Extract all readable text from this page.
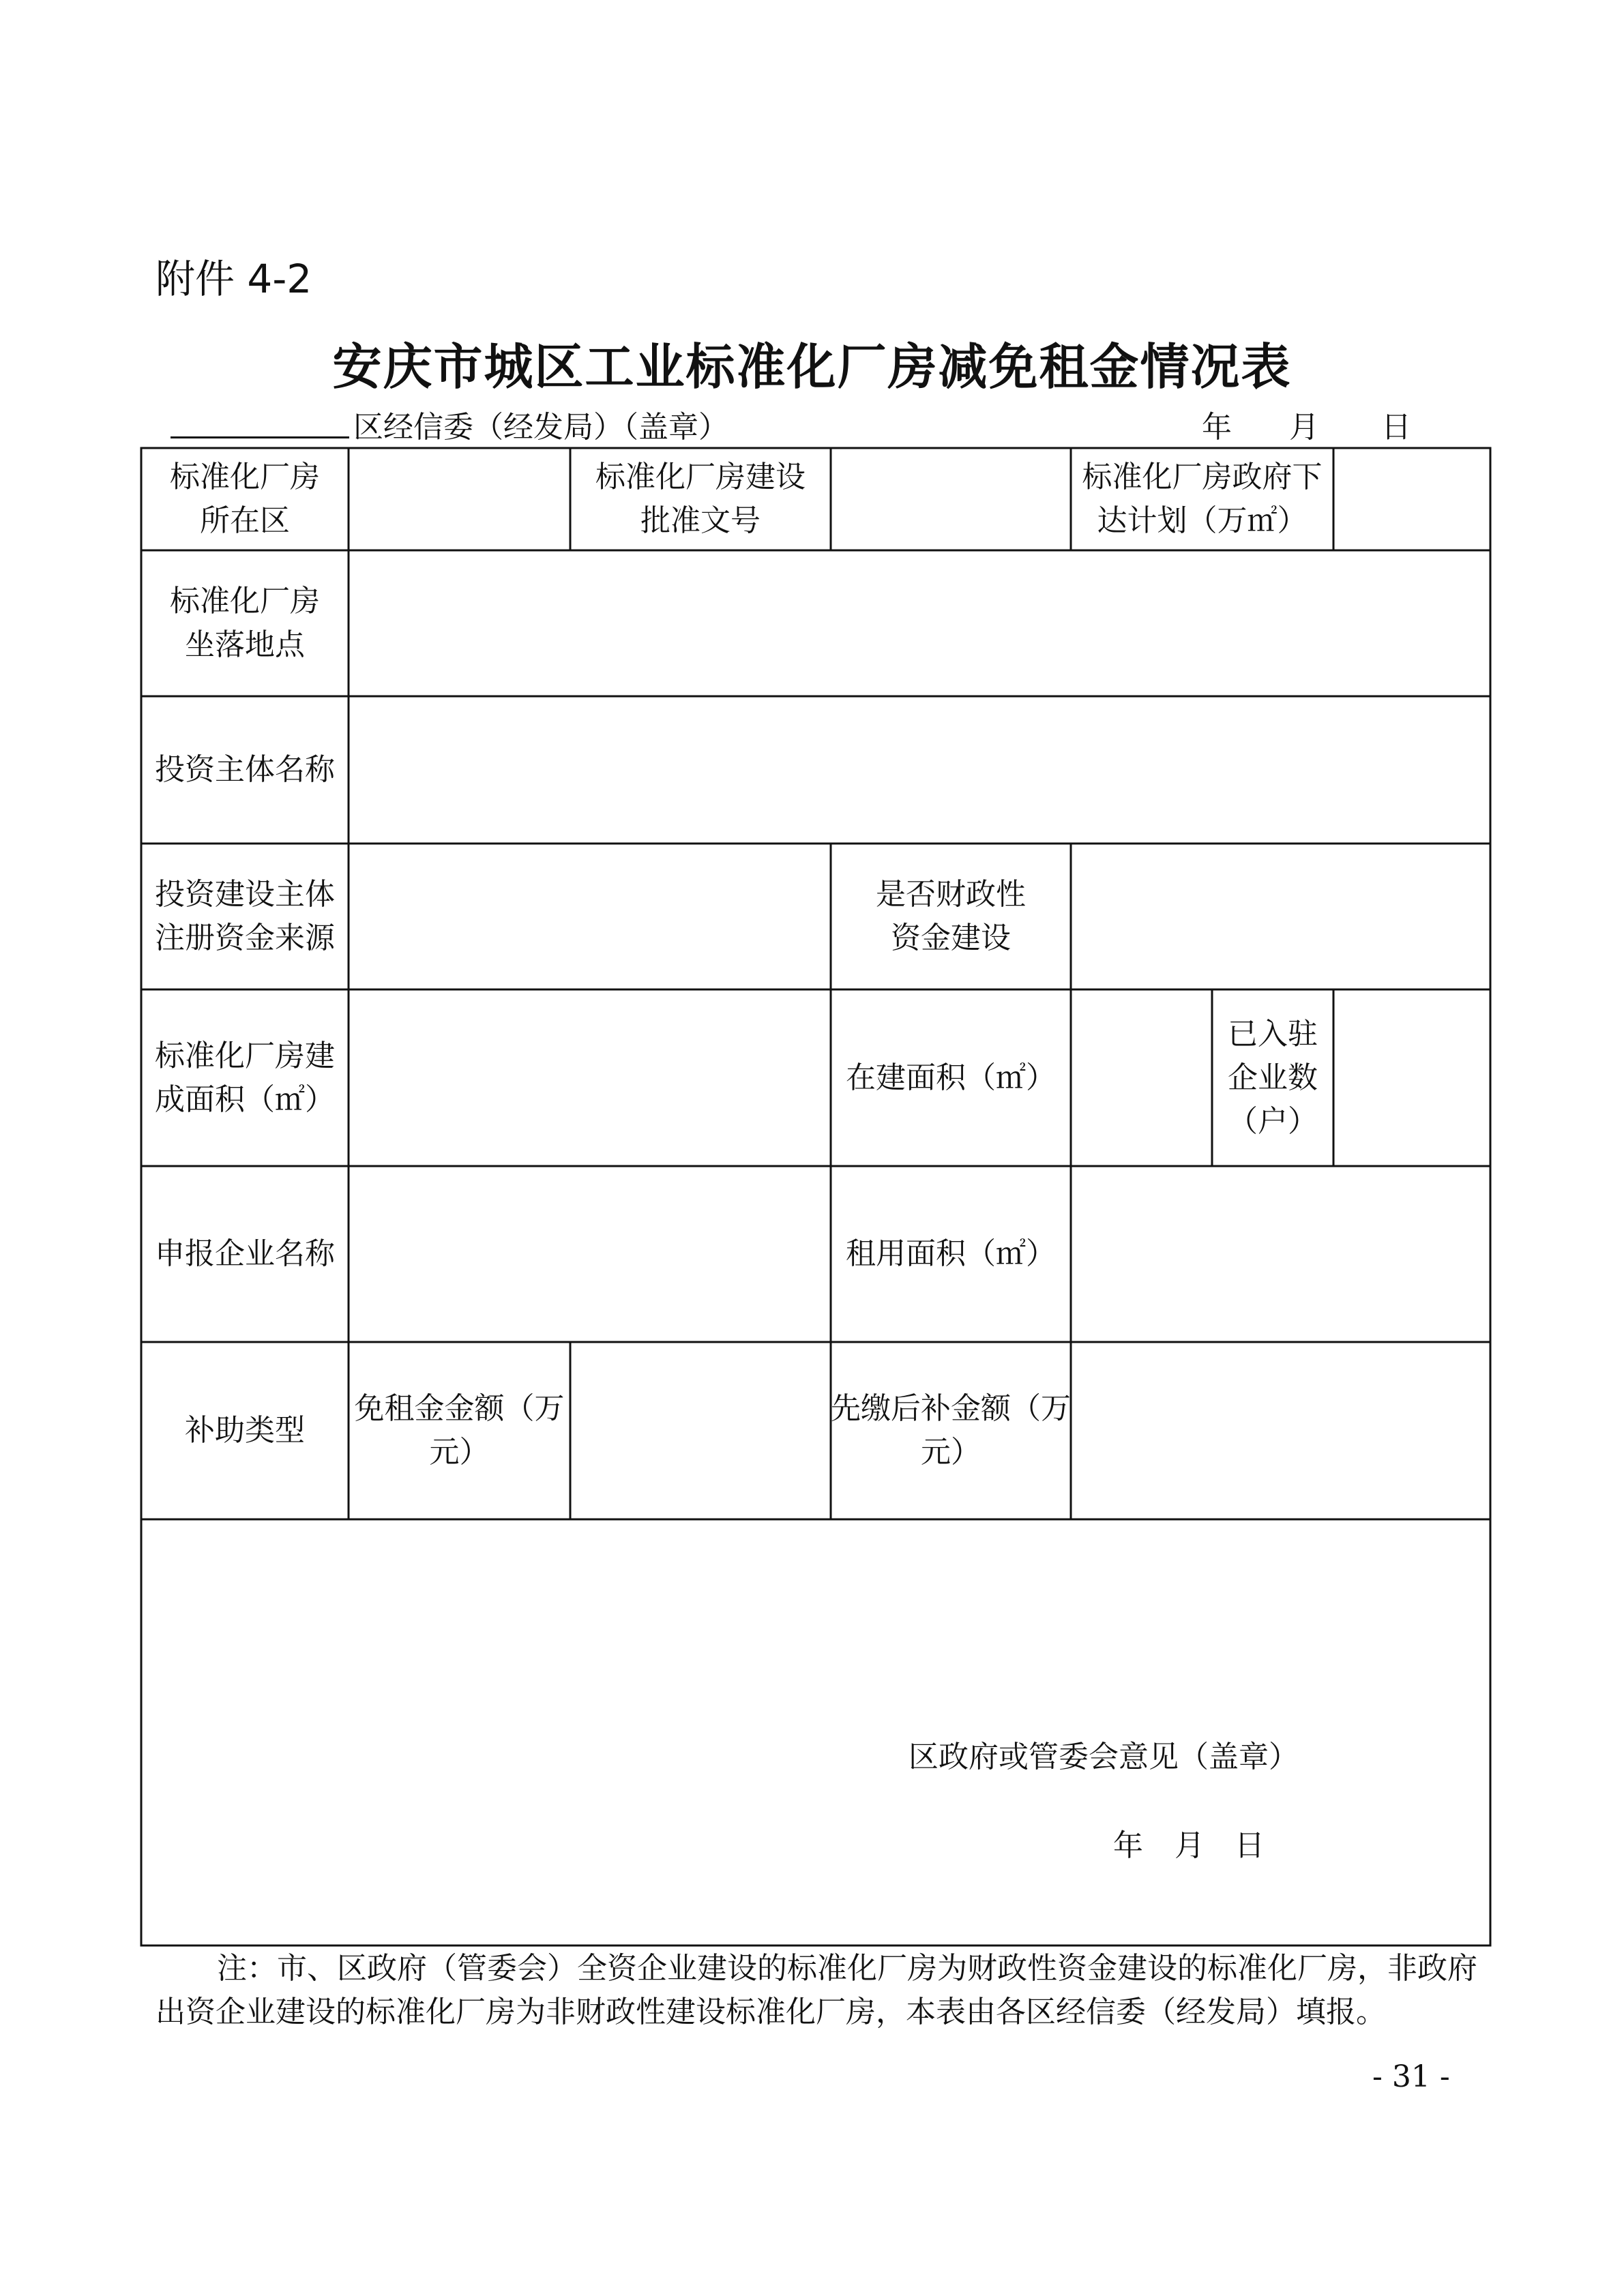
附件 4-2
安庆市城区工业标准化厂房减免租金情况表
区经信委（经发局）（盖章）	年 月 日
标准化厂房
所在区
标准化厂房建设
批准文号
标准化厂房政府下
达计划（万㎡）
标准化厂房
坐落地点
投资主体名称
投资建设主体
注册资金来源
是否财政性
资金建设
标准化厂房建
成面积（㎡）
在建面积（㎡）
已入驻
企业数
（户）
申报企业名称	租用面积（㎡）
补助类型
免租金金额（万
元）
先缴后补金额（万
元）
区政府或管委会意见（盖章）
年 月 日
注：市、区政府（管委会）全资企业建设的标准化厂房为财政性资金建设的标准化厂房，非政府出资企业建设的标准化厂房为非财政性建设标准化厂房，本表由各区经信委（经发局）填报。
- 31 -
